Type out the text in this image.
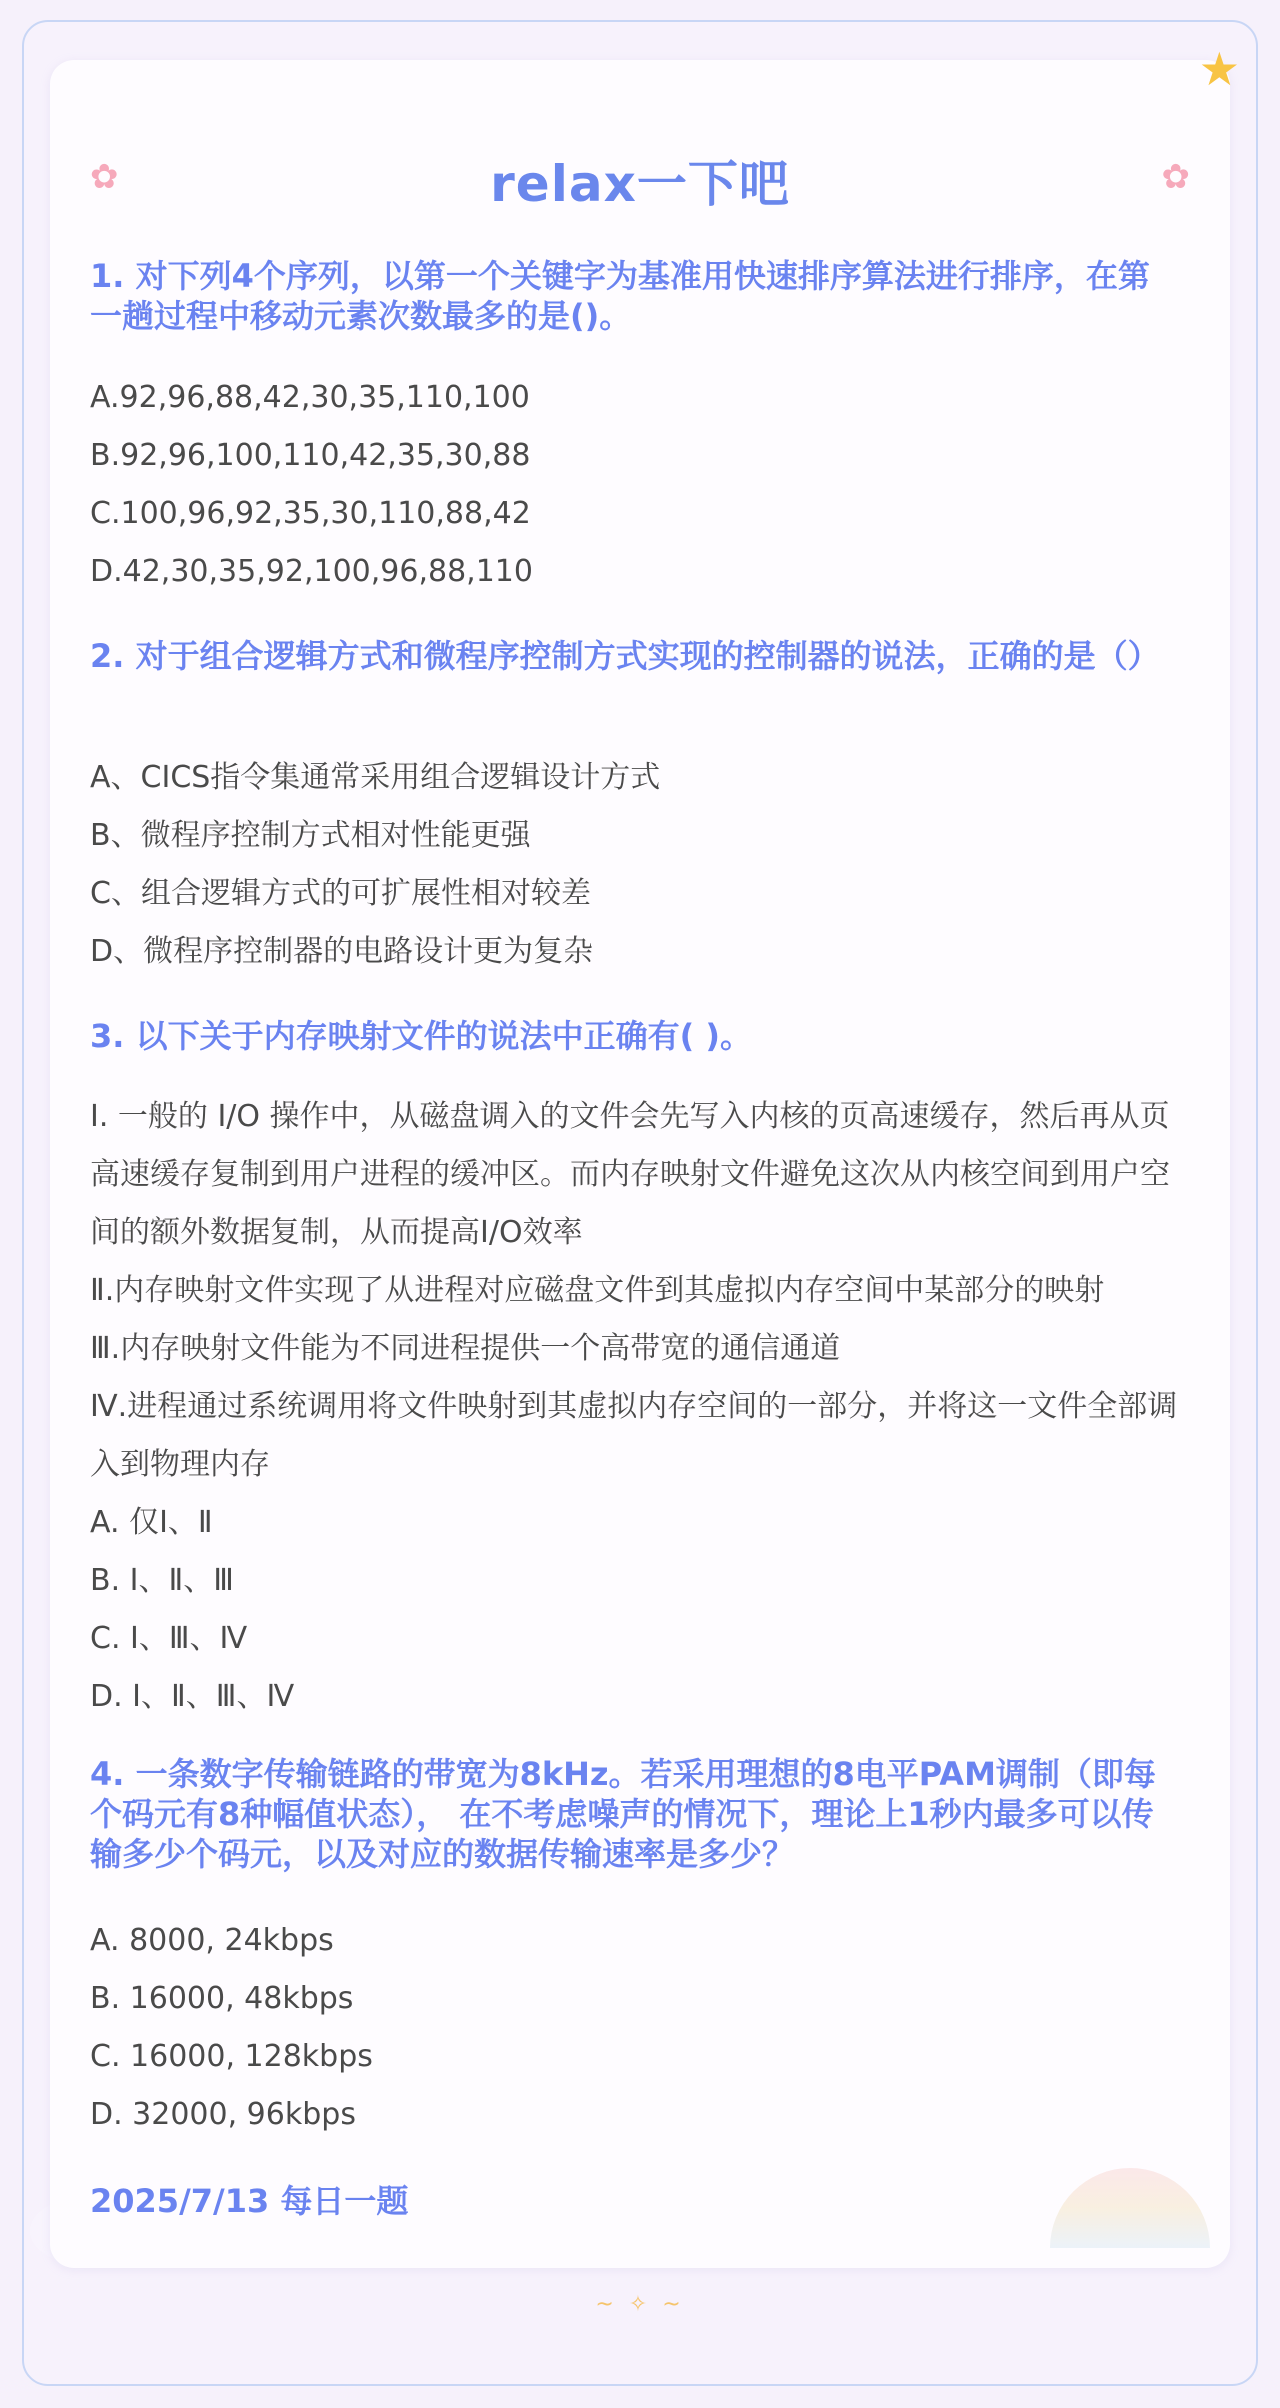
★
✿	✿
relax一下吧

1. 对下列4个序列，以第一个关键字为基准用快速排序算法进行排序，在第一趟过程中移动元素次数最多的是()。

A.92,96,88,42,30,35,110,100

B.92,96,100,110,42,35,30,88

C.100,96,92,35,30,110,88,42

D.42,30,35,92,100,96,88,110

2. 对于组合逻辑方式和微程序控制方式实现的控制器的说法，正确的是（）

A、CICS指令集通常采用组合逻辑设计方式

B、微程序控制方式相对性能更强

C、组合逻辑方式的可扩展性相对较差

D、微程序控制器的电路设计更为复杂

3. 以下关于内存映射文件的说法中正确有( )。

Ⅰ. 一般的 I/O 操作中，从磁盘调入的文件会先写入内核的页高速缓存，然后再从页高速缓存复制到用户进程的缓冲区。而内存映射文件避免这次从内核空间到用户空间的额外数据复制，从而提高I/O效率

Ⅱ.内存映射文件实现了从进程对应磁盘文件到其虚拟内存空间中某部分的映射

Ⅲ.内存映射文件能为不同进程提供一个高带宽的通信通道

Ⅳ.进程通过系统调用将文件映射到其虚拟内存空间的一部分，并将这一文件全部调入到物理内存

A. 仅Ⅰ、Ⅱ

B. Ⅰ、Ⅱ、Ⅲ

C. Ⅰ、Ⅲ、Ⅳ

D. Ⅰ、Ⅱ、Ⅲ、Ⅳ

4. 一条数字传输链路的带宽为8kHz。若采用理想的8电平PAM调制（即每个码元有8种幅值状态）， 在不考虑噪声的情况下，理论上1秒内最多可以传输多少个码元，以及对应的数据传输速率是多少？

A. 8000, 24kbps

B. 16000, 48kbps

C. 16000, 128kbps

D. 32000, 96kbps

2025/7/13 每日一题
~ ✧ ~
